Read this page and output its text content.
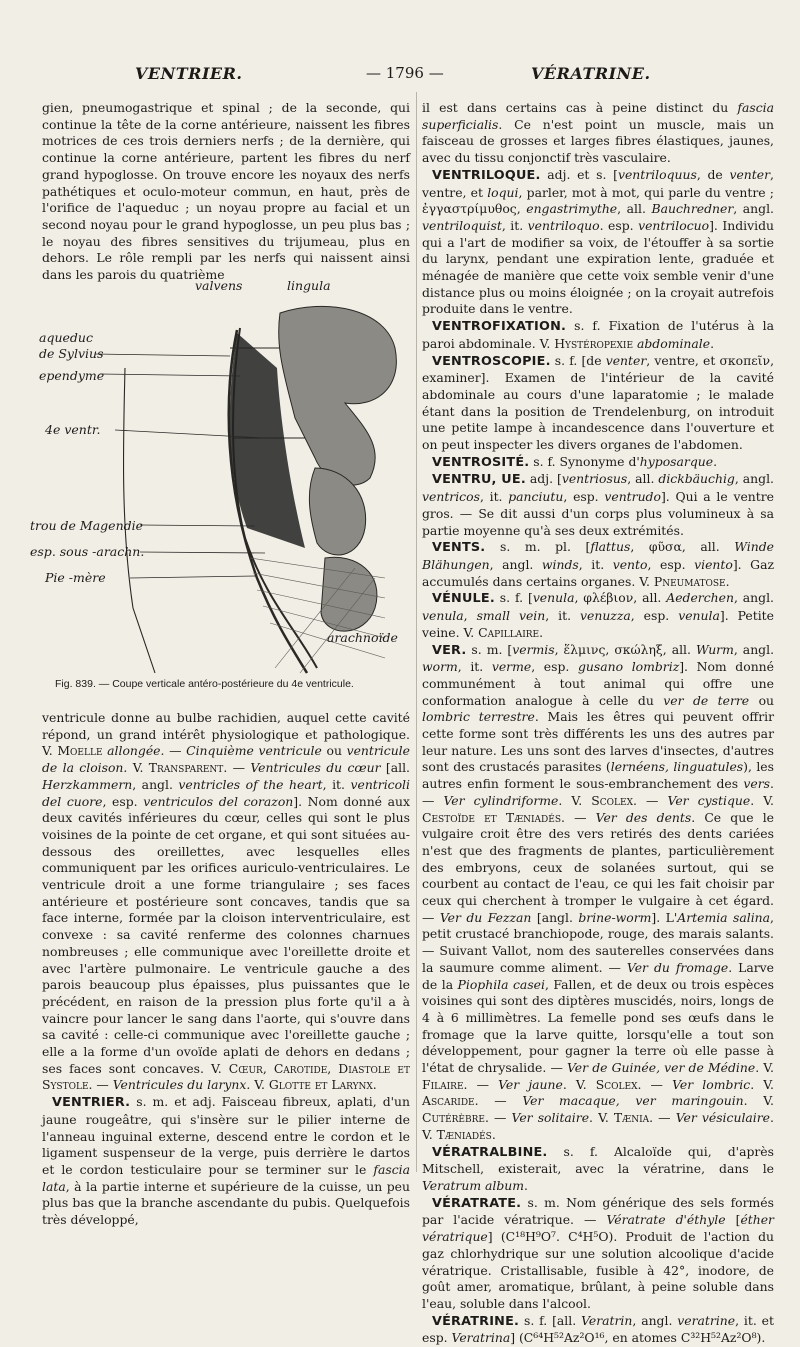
VENTRIER.	— 1796 —	VÉRATRINE.

gien, pneumogastrique et spinal ; de la seconde, qui continue la tête de la corne antérieure, naissent les fibres motrices de ces trois derniers nerfs ; de la dernière, qui continue la corne antérieure, partent les fibres du nerf grand hypoglosse. On trouve encore les noyaux des nerfs pathétiques et oculo-moteur commun, en haut, près de l'orifice de l'aqueduc ; un noyau propre au facial et un second noyau pour le grand hypoglosse, un peu plus bas ; le noyau des fibres sensitives du trijumeau, plus en dehors. Le rôle rempli par les nerfs qui naissent ainsi dans les parois du quatrième

valvens	lingula
aqueduc
de Sylvius
ependyme
4e ventr.
trou de Magendie
esp. sous -arachn.
Pie -mère
arachnoïde
Fig. 839. — Coupe verticale antéro-postérieure du 4e ventricule.

ventricule donne au bulbe rachidien, auquel cette cavité répond, un grand intérêt physiologique et pathologique. V. Moelle allongée. — Cinquième ventricule ou ventricule de la cloison. V. Transparent. — Ventricules du cœur [all. Herzkammern, angl. ventricles of the heart, it. ventricoli del cuore, esp. ventriculos del corazon]. Nom donné aux deux cavités inférieures du cœur, celles qui sont le plus voisines de la pointe de cet organe, et qui sont situées au-dessous des oreillettes, avec lesquelles elles communiquent par les orifices auriculo-ventriculaires. Le ventricule droit a une forme triangulaire ; ses faces antérieure et postérieure sont concaves, tandis que sa face interne, formée par la cloison interventriculaire, est convexe : sa cavité renferme des colonnes charnues nombreuses ; elle communique avec l'oreillette droite et avec l'artère pulmonaire. Le ventricule gauche a des parois beaucoup plus épaisses, plus puissantes que le précédent, en raison de la pression plus forte qu'il a à vaincre pour lancer le sang dans l'aorte, qui s'ouvre dans sa cavité : celle-ci communique avec l'oreillette gauche ; elle a la forme d'un ovoïde aplati de dehors en dedans ; ses faces sont concaves. V. Cœur, Carotide, Diastole et Systole. — Ventricules du larynx. V. Glotte et Larynx.

VENTRIER. s. m. et adj. Faisceau fibreux, aplati, d'un jaune rougeâtre, qui s'insère sur le pilier interne de l'anneau inguinal externe, descend entre le cordon et le ligament suspenseur de la verge, puis derrière le dartos et le cordon testiculaire pour se terminer sur le fascia lata, à la partie interne et supérieure de la cuisse, un peu plus bas que la branche ascendante du pubis. Quelquefois très développé,

il est dans certains cas à peine distinct du fascia superficialis. Ce n'est point un muscle, mais un faisceau de grosses et larges fibres élastiques, jaunes, avec du tissu conjonctif très vasculaire.

VENTRILOQUE. adj. et s. [ventriloquus, de venter, ventre, et loqui, parler, mot à mot, qui parle du ventre ; ἐγγαστρίμυθος, engastrimythe, all. Bauchredner, angl. ventriloquist, it. ventriloquo. esp. ventrilocuo]. Individu qui a l'art de modifier sa voix, de l'étouffer à sa sortie du larynx, pendant une expiration lente, graduée et ménagée de manière que cette voix semble venir d'une distance plus ou moins éloignée ; on la croyait autrefois produite dans le ventre.

VENTROFIXATION. s. f. Fixation de l'utérus à la paroi abdominale. V. Hystéropexie abdominale.

VENTROSCOPIE. s. f. [de venter, ventre, et σκοπεῖν, examiner]. Examen de l'intérieur de la cavité abdominale au cours d'une laparatomie ; le malade étant dans la position de Trendelenburg, on introduit une petite lampe à incandescence dans l'ouverture et on peut inspecter les divers organes de l'abdomen.

VENTROSITÉ. s. f. Synonyme d'hyposarque.

VENTRU, UE. adj. [ventriosus, all. dickbäuchig, angl. ventricos, it. panciutu, esp. ventrudo]. Qui a le ventre gros. — Se dit aussi d'un corps plus volumineux à sa partie moyenne qu'à ses deux extrémités.

VENTS. s. m. pl. [flattus, φῦσα, all. Winde Blähungen, angl. winds, it. vento, esp. viento]. Gaz accumulés dans certains organes. V. Pneumatose.

VÉNULE. s. f. [venula, φλέβιον, all. Aederchen, angl. venula, small vein, it. venuzza, esp. venula]. Petite veine. V. Capillaire.

VER. s. m. [vermis, ἕλμινς, σκώληξ, all. Wurm, angl. worm, it. verme, esp. gusano lombriz]. Nom donné communément à tout animal qui offre une conformation analogue à celle du ver de terre ou lombric terrestre. Mais les êtres qui peuvent offrir cette forme sont très différents les uns des autres par leur nature. Les uns sont des larves d'insectes, d'autres sont des crustacés parasites (lernéens, linguatules), les autres enfin forment le sous-embranchement des vers. — Ver cylindriforme. V. Scolex. — Ver cystique. V. Cestoïde et Tæniadés. — Ver des dents. Ce que le vulgaire croit être des vers retirés des dents cariées n'est que des fragments de plantes, particulièrement des embryons, ceux de solanées surtout, qui se courbent au contact de l'eau, ce qui les fait choisir par ceux qui cherchent à tromper le vulgaire à cet égard. — Ver du Fezzan [angl. brine-worm]. L'Artemia salina, petit crustacé branchiopode, rouge, des marais salants. — Suivant Vallot, nom des sauterelles conservées dans la saumure comme aliment. — Ver du fromage. Larve de la Piophila casei, Fallen, et de deux ou trois espèces voisines qui sont des diptères muscidés, noirs, longs de 4 à 6 millimètres. La femelle pond ses œufs dans le fromage que la larve quitte, lorsqu'elle a tout son développement, pour gagner la terre où elle passe à l'état de chrysalide. — Ver de Guinée, ver de Médine. V. Filaire. — Ver jaune. V. Scolex. — Ver lombric. V. Ascaride. — Ver macaque, ver maringouin. V. Cutérèbre. — Ver solitaire. V. Tænia. — Ver vésiculaire. V. Tæniadés.

VÉRATRALBINE. s. f. Alcaloïde qui, d'après Mitschell, existerait, avec la vératrine, dans le Veratrum album.

VÉRATRATE. s. m. Nom générique des sels formés par l'acide vératrique. — Vératrate d'éthyle [éther vératrique] (C¹⁸H⁹O⁷. C⁴H⁵O). Produit de l'action du gaz chlorhydrique sur une solution alcoolique d'acide vératrique. Cristallisable, fusible à 42°, inodore, de goût amer, aromatique, brûlant, à peine soluble dans l'eau, soluble dans l'alcool.

VÉRATRINE. s. f. [all. Veratrin, angl. veratrine, it. et esp. Veratrina] (C⁶⁴H⁵²Az²O¹⁶, en atomes C³²H⁵²Az²O⁸).
